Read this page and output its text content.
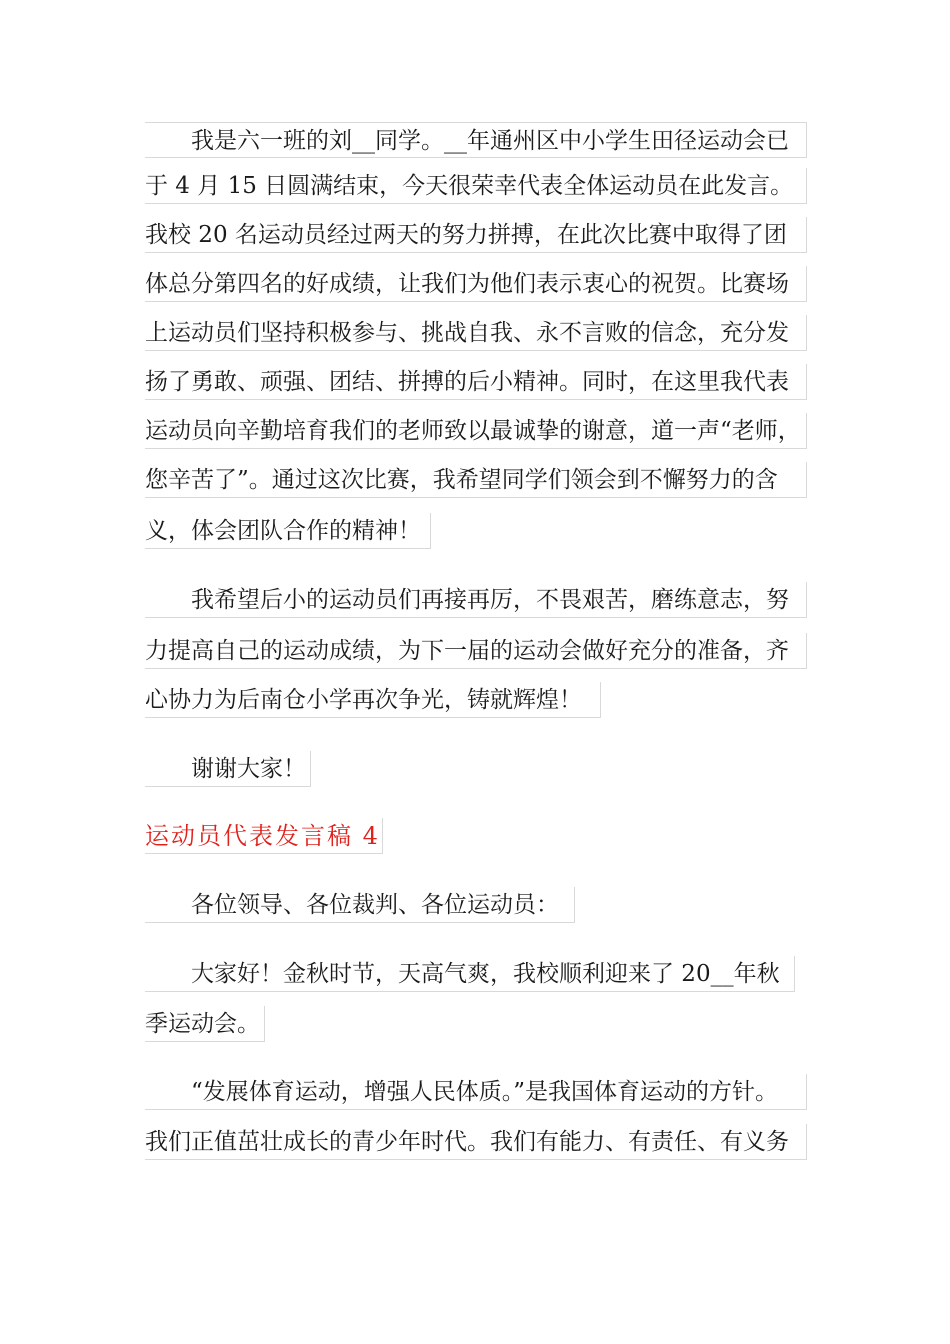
我是六一班的刘__同学。__年通州区中小学生田径运动会已
于 4 月 15 日圆满结束，今天很荣幸代表全体运动员在此发言。
我校 20 名运动员经过两天的努力拼搏，在此次比赛中取得了团
体总分第四名的好成绩，让我们为他们表示衷心的祝贺。比赛场
上运动员们坚持积极参与、挑战自我、永不言败的信念，充分发
扬了勇敢、顽强、团结、拼搏的后小精神。同时，在这里我代表
运动员向辛勤培育我们的老师致以最诚挚的谢意，道一声“老师，
您辛苦了”。通过这次比赛，我希望同学们领会到不懈努力的含
义，体会团队合作的精神！
我希望后小的运动员们再接再厉，不畏艰苦，磨练意志，努
力提高自己的运动成绩，为下一届的运动会做好充分的准备，齐
心协力为后南仓小学再次争光，铸就辉煌！
谢谢大家！
运动员代表发言稿 4
各位领导、各位裁判、各位运动员：
大家好！金秋时节，天高气爽，我校顺利迎来了 20__年秋
季运动会。
“发展体育运动，增强人民体质。”是我国体育运动的方针。
我们正值茁壮成长的青少年时代。我们有能力、有责任、有义务
